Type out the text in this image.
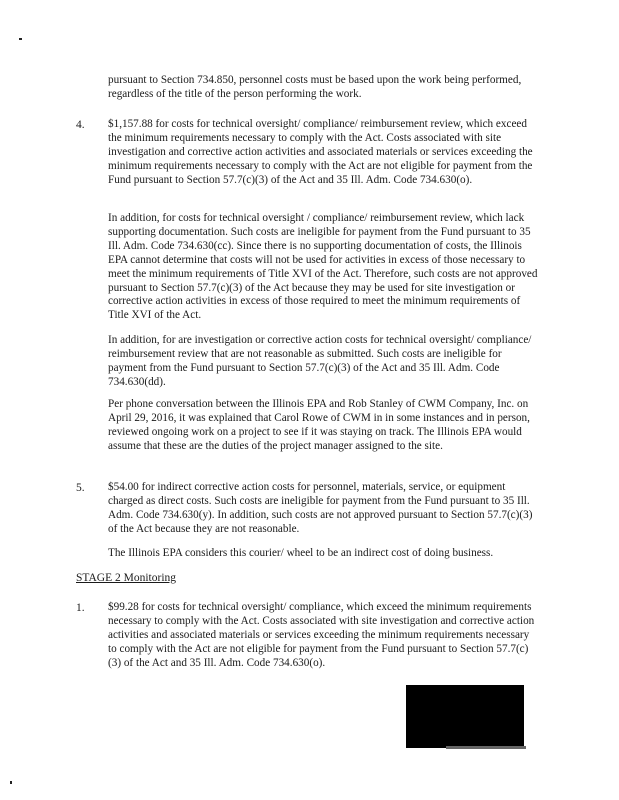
pursuant to Section 734.850, personnel costs must be based upon the work being performed, regardless of the title of the person performing the work.

4. $1,157.88 for costs for technical oversight/ compliance/ reimbursement review, which exceed the minimum requirements necessary to comply with the Act. Costs associated with site investigation and corrective action activities and associated materials or services exceeding the minimum requirements necessary to comply with the Act are not eligible for payment from the Fund pursuant to Section 57.7(c)(3) of the Act and 35 Ill. Adm. Code 734.630(o).

In addition, for costs for technical oversight / compliance/ reimbursement review, which lack supporting documentation. Such costs are ineligible for payment from the Fund pursuant to 35 Ill. Adm. Code 734.630(cc). Since there is no supporting documentation of costs, the Illinois EPA cannot determine that costs will not be used for activities in excess of those necessary to meet the minimum requirements of Title XVI of the Act. Therefore, such costs are not approved pursuant to Section 57.7(c)(3) of the Act because they may be used for site investigation or corrective action activities in excess of those required to meet the minimum requirements of Title XVI of the Act.

In addition, for are investigation or corrective action costs for technical oversight/ compliance/ reimbursement review that are not reasonable as submitted. Such costs are ineligible for payment from the Fund pursuant to Section 57.7(c)(3) of the Act and 35 Ill. Adm. Code 734.630(dd).

Per phone conversation between the Illinois EPA and Rob Stanley of CWM Company, Inc. on April 29, 2016, it was explained that Carol Rowe of CWM in in some instances and in person, reviewed ongoing work on a project to see if it was staying on track. The Illinois EPA would assume that these are the duties of the project manager assigned to the site.

5. $54.00 for indirect corrective action costs for personnel, materials, service, or equipment charged as direct costs. Such costs are ineligible for payment from the Fund pursuant to 35 Ill. Adm. Code 734.630(y). In addition, such costs are not approved pursuant to Section 57.7(c)(3) of the Act because they are not reasonable.

The Illinois EPA considers this courier/ wheel to be an indirect cost of doing business.

STAGE 2 Monitoring
1. $99.28 for costs for technical oversight/ compliance, which exceed the minimum requirements necessary to comply with the Act. Costs associated with site investigation and corrective action activities and associated materials or services exceeding the minimum requirements necessary to comply with the Act are not eligible for payment from the Fund pursuant to Section 57.7(c)(3) of the Act and 35 Ill. Adm. Code 734.630(o).
